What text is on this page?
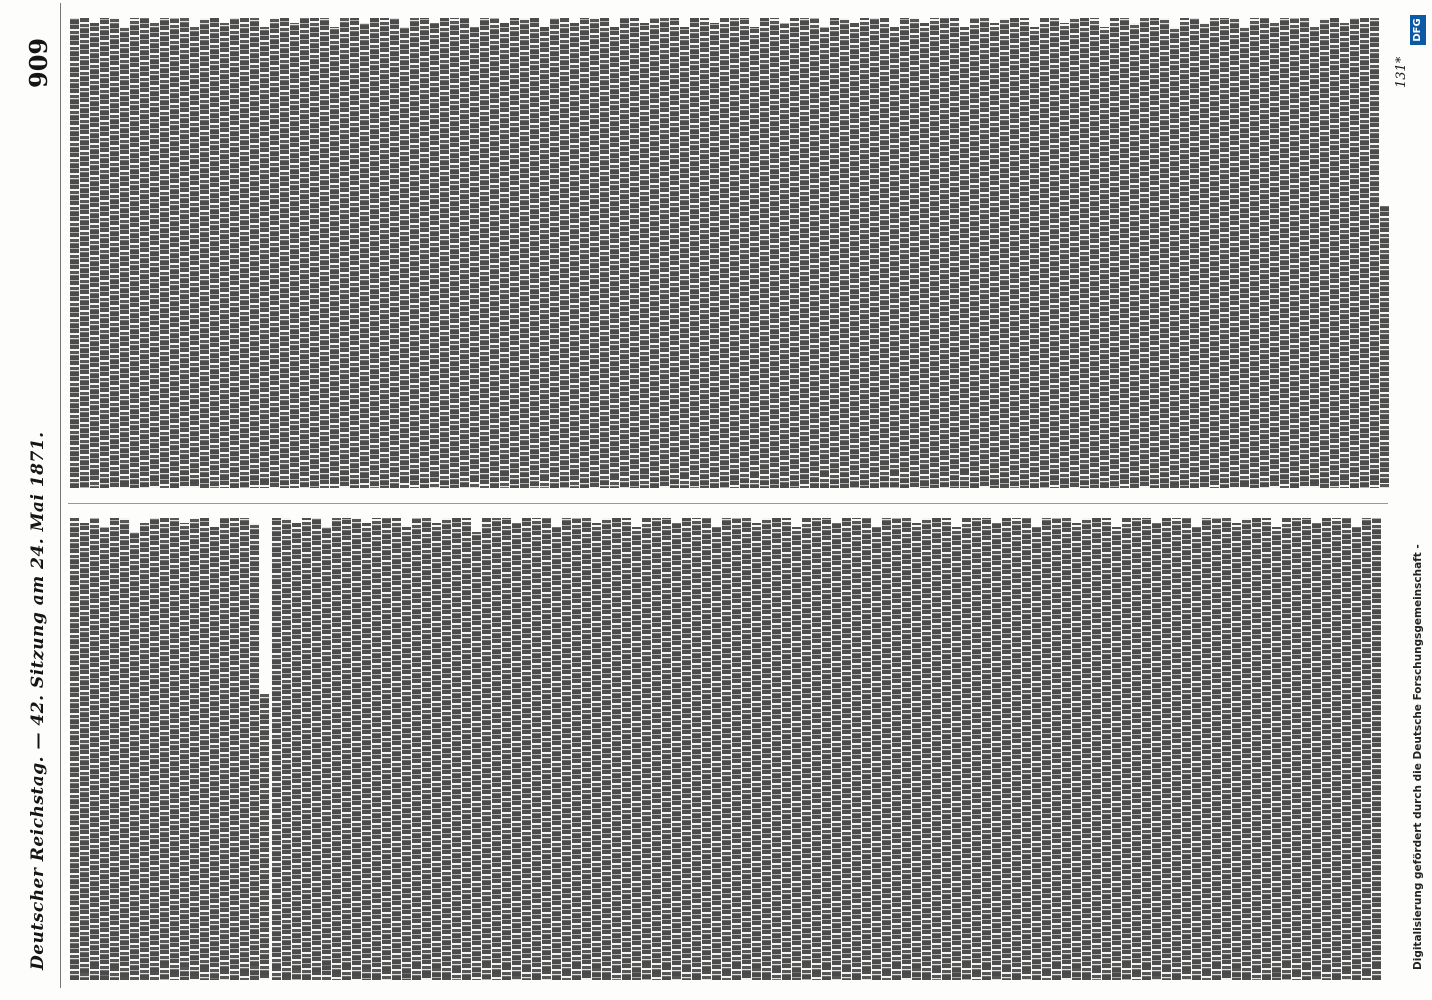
Deutscher Reichstag. — 42. Sitzung am 24. Mai 1871.
909	131*
Digitalisierung gefördert durch die Deutsche Forschungsgemeinschaft -
DFG
